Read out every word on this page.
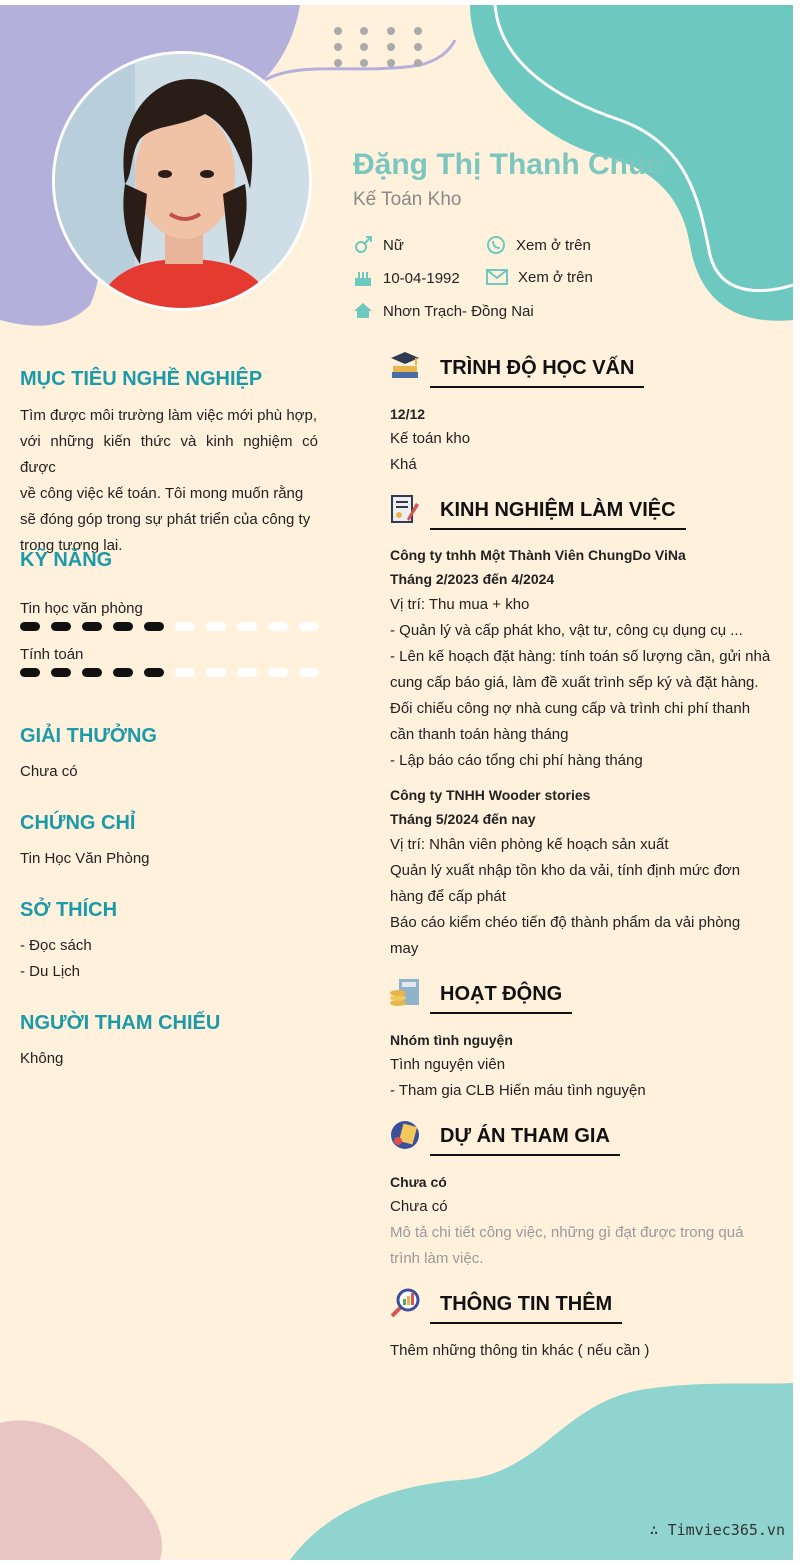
Đặng Thị Thanh Chúc
Kế Toán Kho
Nữ	Xem ở trên
10-04-1992	Xem ở trên
Nhơn Trạch- Đồng Nai
MỤC TIÊU NGHỀ NGHIỆP
Tìm được môi trường làm việc mới phù hợp,
với những kiến thức và kinh nghiệm có được
về công việc kế toán. Tôi mong muốn rằng
sẽ đóng góp trong sự phát triển của công ty
trong tương lai.
KỸ NĂNG
Tin học văn phòng
Tính toán
GIẢI THƯỞNG
Chưa có
CHỨNG CHỈ
Tin Học Văn Phòng
SỞ THÍCH
- Đọc sách
- Du Lịch
NGƯỜI THAM CHIẾU
Không
TRÌNH ĐỘ HỌC VẤN
12/12
Kế toán kho
Khá
KINH NGHIỆM LÀM VIỆC
Công ty tnhh Một Thành Viên ChungDo ViNa
Tháng 2/2023 đến 4/2024
Vị trí: Thu mua + kho
- Quản lý và cấp phát kho, vật tư, công cụ dụng cụ ...
- Lên kế hoạch đặt hàng: tính toán số lượng cần, gửi nhà
cung cấp báo giá, làm đề xuất trình sếp ký và đặt hàng.
Đối chiếu công nợ nhà cung cấp và trình chi phí thanh
cần thanh toán hàng tháng
- Lập báo cáo tổng chi phí hàng tháng
Công ty TNHH Wooder stories
Tháng 5/2024 đến nay
Vị trí: Nhân viên phòng kế hoạch sản xuất
Quản lý xuất nhập tồn kho da vải, tính định mức đơn
hàng để cấp phát
Báo cáo kiểm chéo tiến độ thành phẩm da vải phòng
may
HOẠT ĐỘNG
Nhóm tình nguyện
Tình nguyện viên
- Tham gia CLB Hiến máu tình nguyện
DỰ ÁN THAM GIA
Chưa có
Chưa có
Mô tả chi tiết công việc, những gì đạt được trong quá
trình làm việc.
THÔNG TIN THÊM
Thêm những thông tin khác ( nếu cần )
∴ Timviec365.vn
